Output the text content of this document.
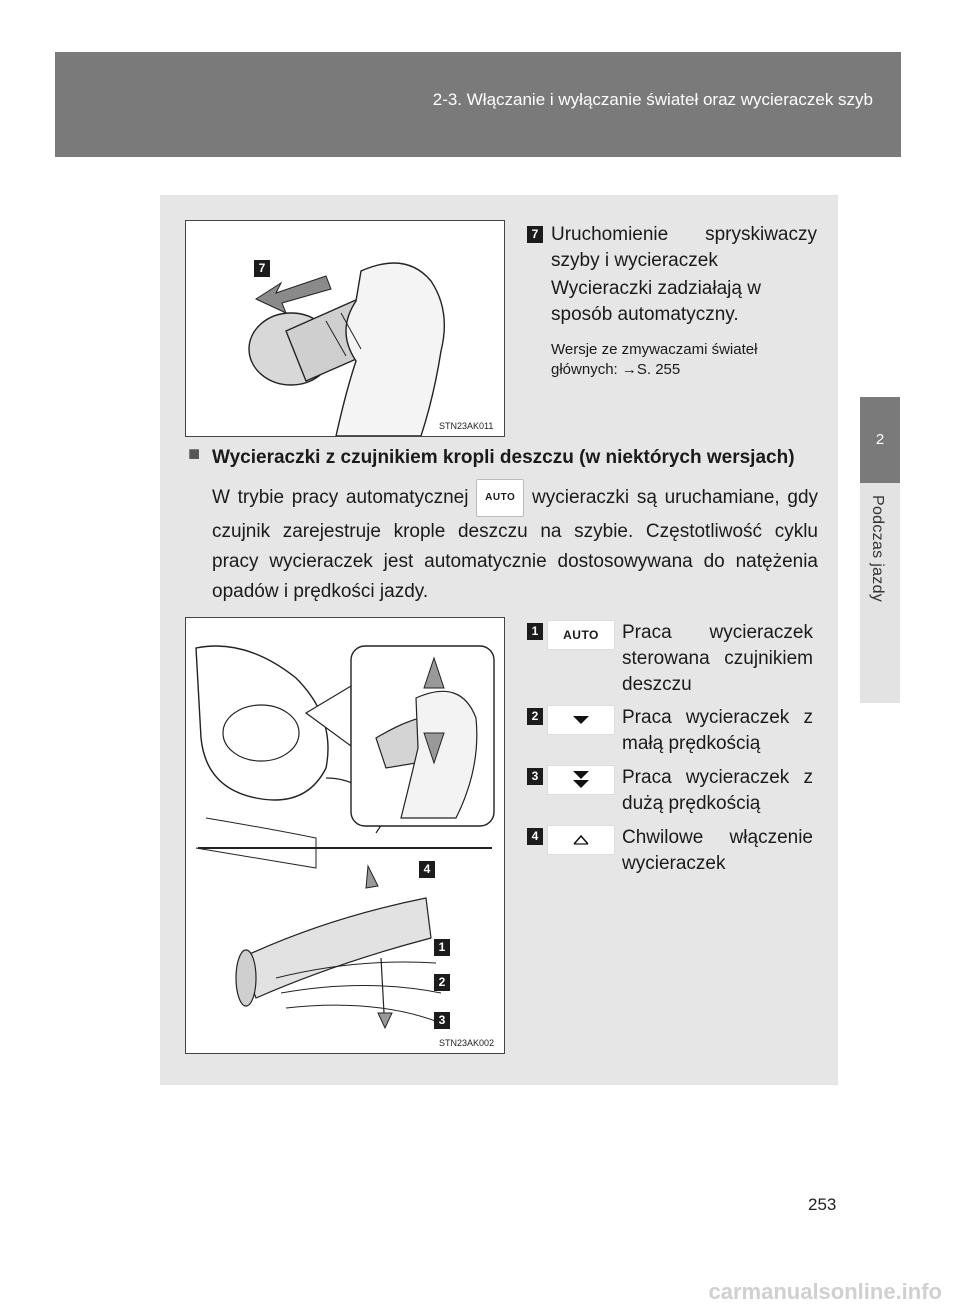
2-3. Włączanie i wyłączanie świateł oraz wycieraczek szyb
2
Podczas jazdy
7
STN23AK011
7 Uruchomienie spryskiwaczy szyby i wycieraczek
Wycieraczki zadziałają w sposób automatyczny.
Wersje ze zmywaczami świateł głównych: →S. 255
■ Wycieraczki z czujnikiem kropli deszczu (w niektórych wersjach)
W trybie pracy automatycznej AUTO wycieraczki są uruchamiane, gdy czujnik zarejestruje krople deszczu na szybie. Częstotliwość cyklu pracy wycieraczek jest automatycznie dostosowywana do natężenia opadów i prędkości jazdy.
4
1
2
3
STN23AK002
1	AUTO Praca wycieraczek sterowana czujnikiem deszczu
2	Praca wycieraczek z małą prędkością
3	Praca wycieraczek z dużą prędkością
4	Chwilowe włączenie wycieraczek
253
carmanualsonline.info
